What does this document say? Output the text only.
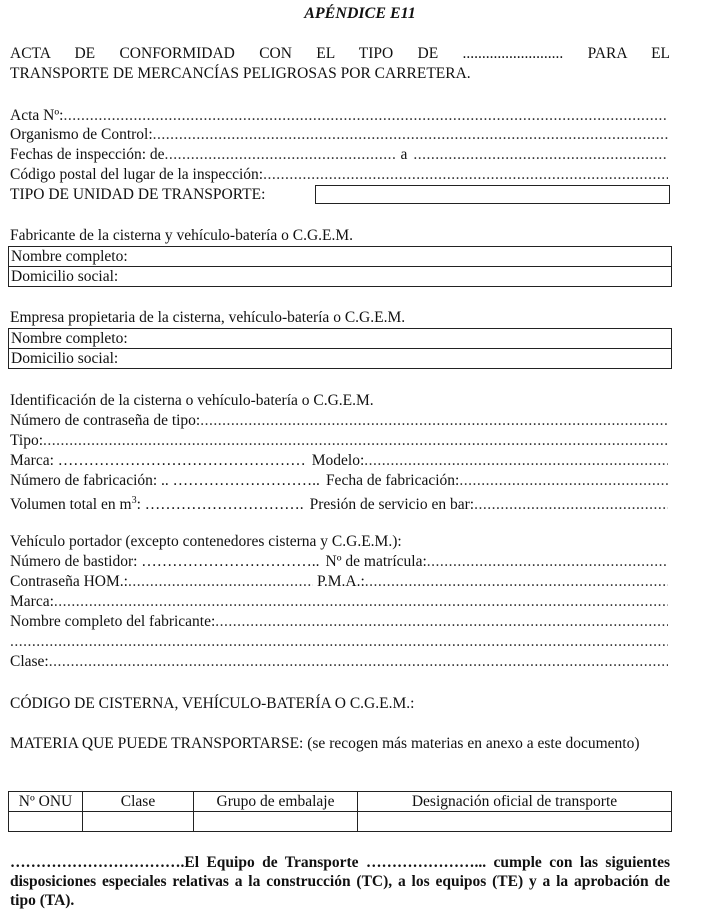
APÉNDICE E11
ACTA DE CONFORMIDAD CON EL TIPO DE .......................... PARA EL
TRANSPORTE DE MERCANCÍAS PELIGROSAS POR CARRETERA.
Acta Nº:
.....
Organismo de Control:
.....
Fechas de inspección: de .....	a
.....
Código postal del lugar de la inspección:
.....
TIPO DE UNIDAD DE TRANSPORTE:
Fabricante de la cisterna y vehículo-batería o C.G.E.M.
Nombre completo:
Domicilio social:
Empresa propietaria de la cisterna, vehículo-batería o C.G.E.M.
Nombre completo:
Domicilio social:
Identificación de la cisterna o vehículo-batería o C.G.E.M.
Número de contraseña de tipo:
.....
Tipo:
.....
Marca: ………………………………………… Modelo:
.....
Número de fabricación: .. ……………………….. Fecha de fabricación:
.....
Volumen total en $m^3$: …………………………. Presión de servicio en bar:
.....
Vehículo portador (excepto contenedores cisterna y C.G.E.M.):
Número de bastidor: …………………………….. Nº de matrícula:
.....
Contraseña HOM.: .....	P.M.A.:
.....
Marca:
.....
Nombre completo del fabricante:
.....
.....
Clase:
.....
CÓDIGO DE CISTERNA, VEHÍCULO-BATERÍA O C.G.E.M.:
MATERIA QUE PUEDE TRANSPORTARSE: (se recogen más materias en anexo a este documento)
Nº ONU	Clase	Grupo de embalaje	Designación oficial de transporte

…………………………….El Equipo de Transporte …………………... cumple con las siguientes disposiciones especiales relativas a la construcción (TC), a los equipos (TE) y a la aprobación de tipo (TA).
